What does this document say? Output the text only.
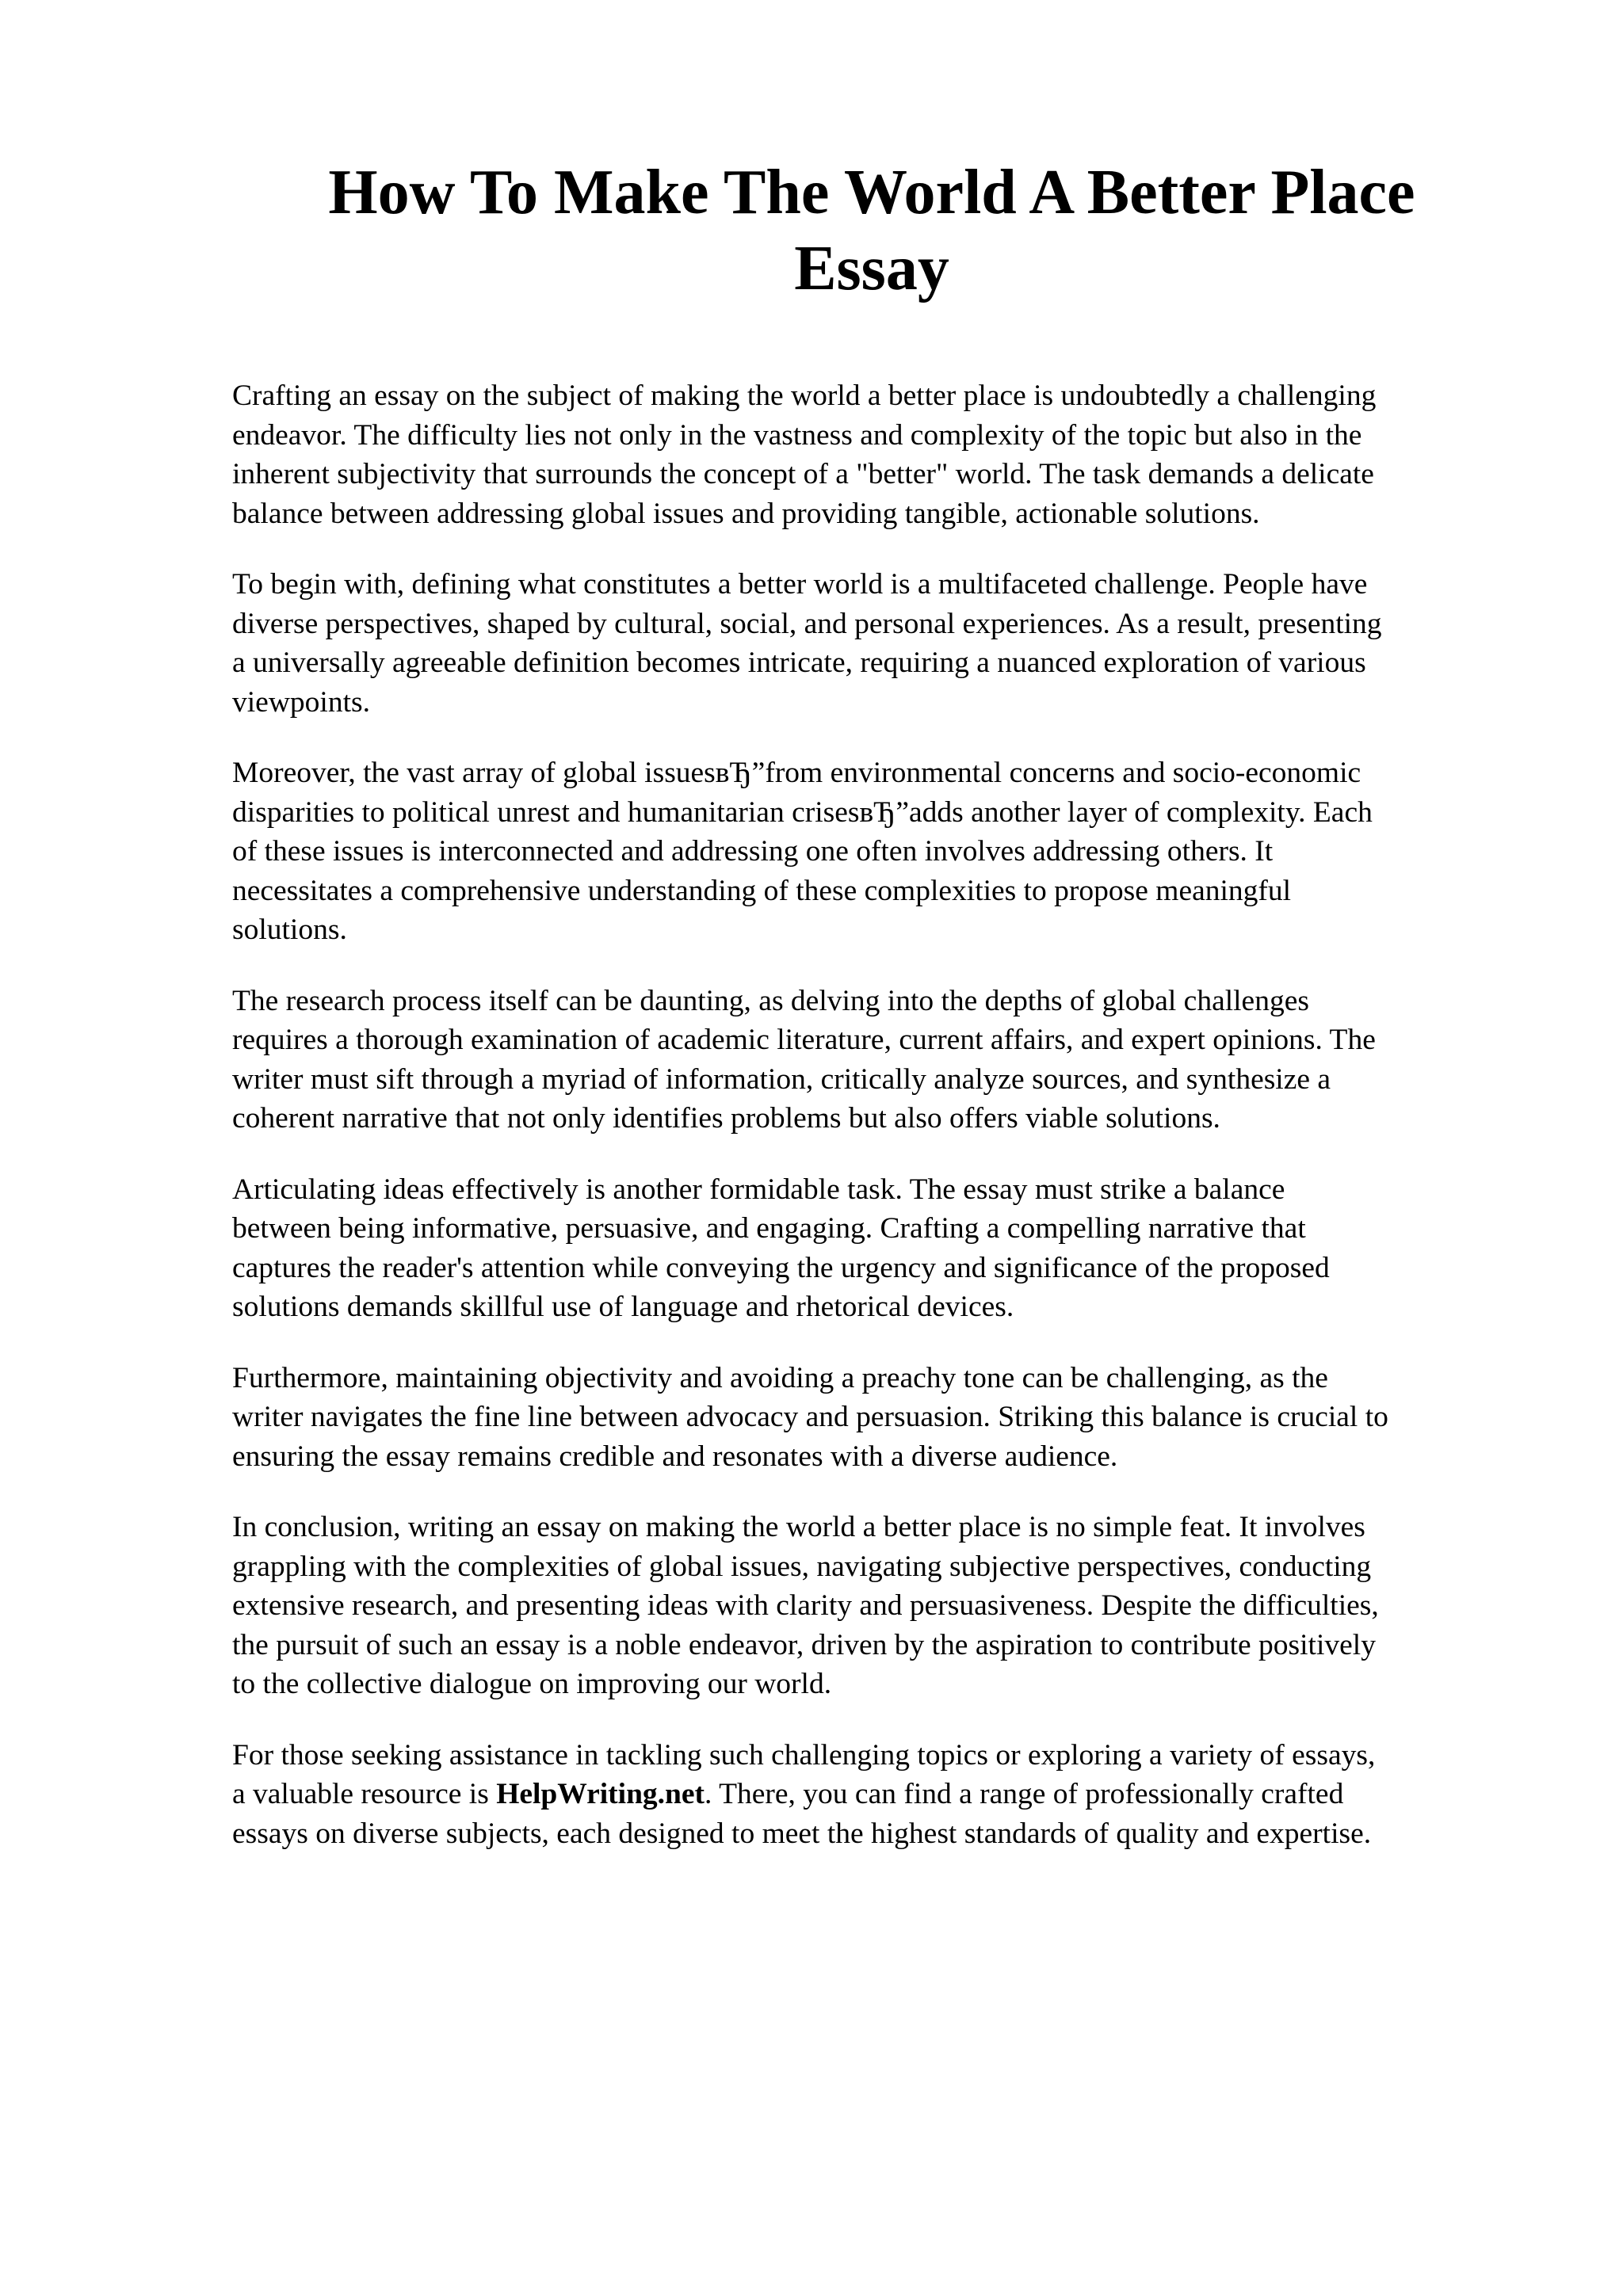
How To Make The World A Better Place
Essay

Crafting an essay on the subject of making the world a better place is undoubtedly a challenging
endeavor. The difficulty lies not only in the vastness and complexity of the topic but also in the
inherent subjectivity that surrounds the concept of a "better" world. The task demands a delicate
balance between addressing global issues and providing tangible, actionable solutions.

To begin with, defining what constitutes a better world is a multifaceted challenge. People have
diverse perspectives, shaped by cultural, social, and personal experiences. As a result, presenting
a universally agreeable definition becomes intricate, requiring a nuanced exploration of various
viewpoints.

Moreover, the vast array of global issuesвЂ”from environmental concerns and socio-economic
disparities to political unrest and humanitarian crisesвЂ”adds another layer of complexity. Each
of these issues is interconnected and addressing one often involves addressing others. It
necessitates a comprehensive understanding of these complexities to propose meaningful
solutions.

The research process itself can be daunting, as delving into the depths of global challenges
requires a thorough examination of academic literature, current affairs, and expert opinions. The
writer must sift through a myriad of information, critically analyze sources, and synthesize a
coherent narrative that not only identifies problems but also offers viable solutions.

Articulating ideas effectively is another formidable task. The essay must strike a balance
between being informative, persuasive, and engaging. Crafting a compelling narrative that
captures the reader's attention while conveying the urgency and significance of the proposed
solutions demands skillful use of language and rhetorical devices.

Furthermore, maintaining objectivity and avoiding a preachy tone can be challenging, as the
writer navigates the fine line between advocacy and persuasion. Striking this balance is crucial to
ensuring the essay remains credible and resonates with a diverse audience.

In conclusion, writing an essay on making the world a better place is no simple feat. It involves
grappling with the complexities of global issues, navigating subjective perspectives, conducting
extensive research, and presenting ideas with clarity and persuasiveness. Despite the difficulties,
the pursuit of such an essay is a noble endeavor, driven by the aspiration to contribute positively
to the collective dialogue on improving our world.

For those seeking assistance in tackling such challenging topics or exploring a variety of essays,
a valuable resource is HelpWriting.net. There, you can find a range of professionally crafted
essays on diverse subjects, each designed to meet the highest standards of quality and expertise.
